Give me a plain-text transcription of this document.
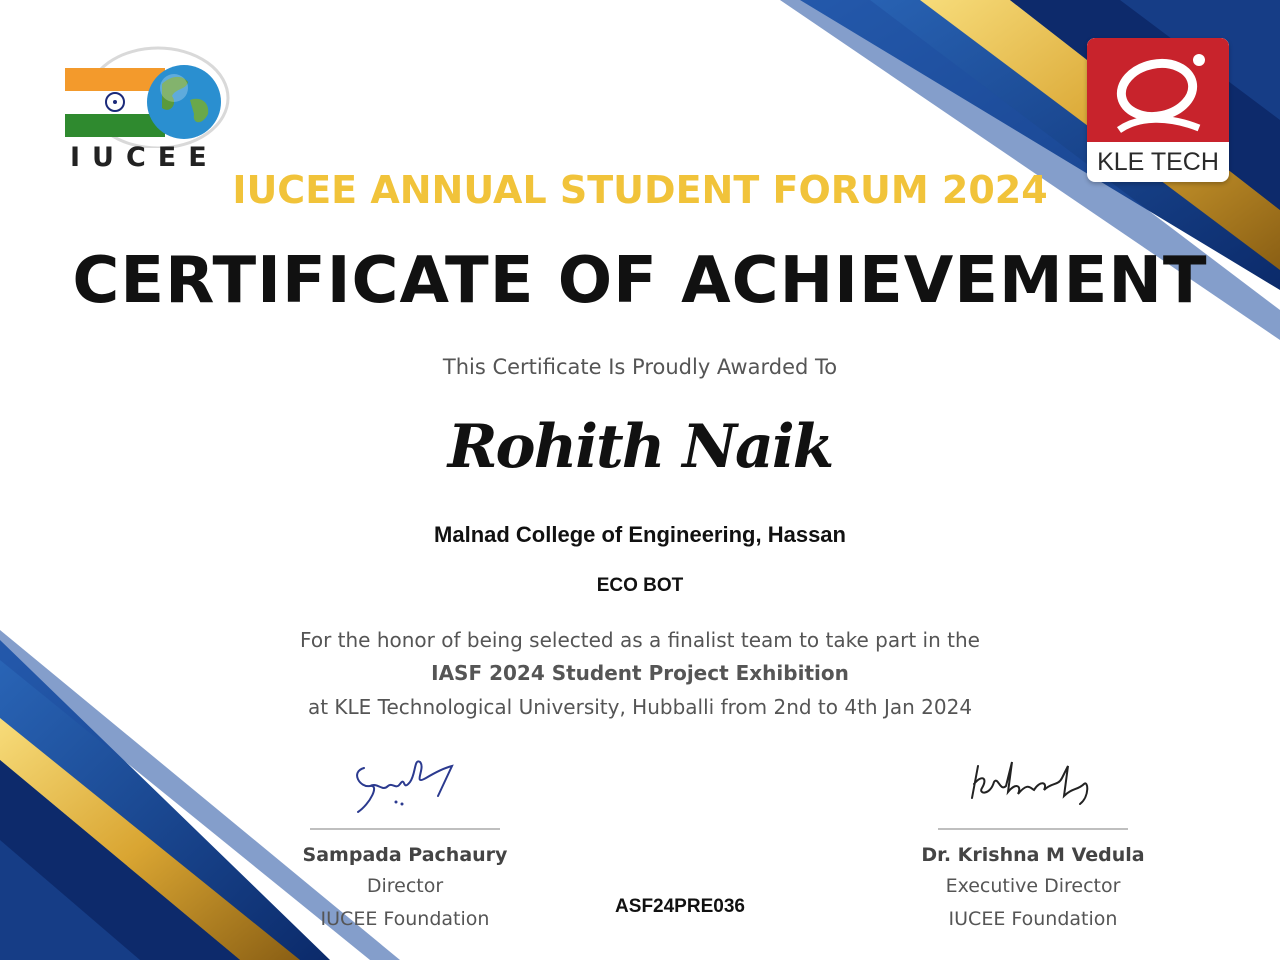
IUCEE	KLE TECH
IUCEE ANNUAL STUDENT FORUM 2024
CERTIFICATE OF ACHIEVEMENT
This Certificate Is Proudly Awarded To
Rohith Naik
Malnad College of Engineering, Hassan
ECO BOT
For the honor of being selected as a finalist team to take part in the
IASF 2024 Student Project Exhibition
at KLE Technological University, Hubballi from 2nd to 4th Jan 2024
Sampada Pachaury
Director
IUCEE Foundation
Dr. Krishna M Vedula
Executive Director
IUCEE Foundation
ASF24PRE036
